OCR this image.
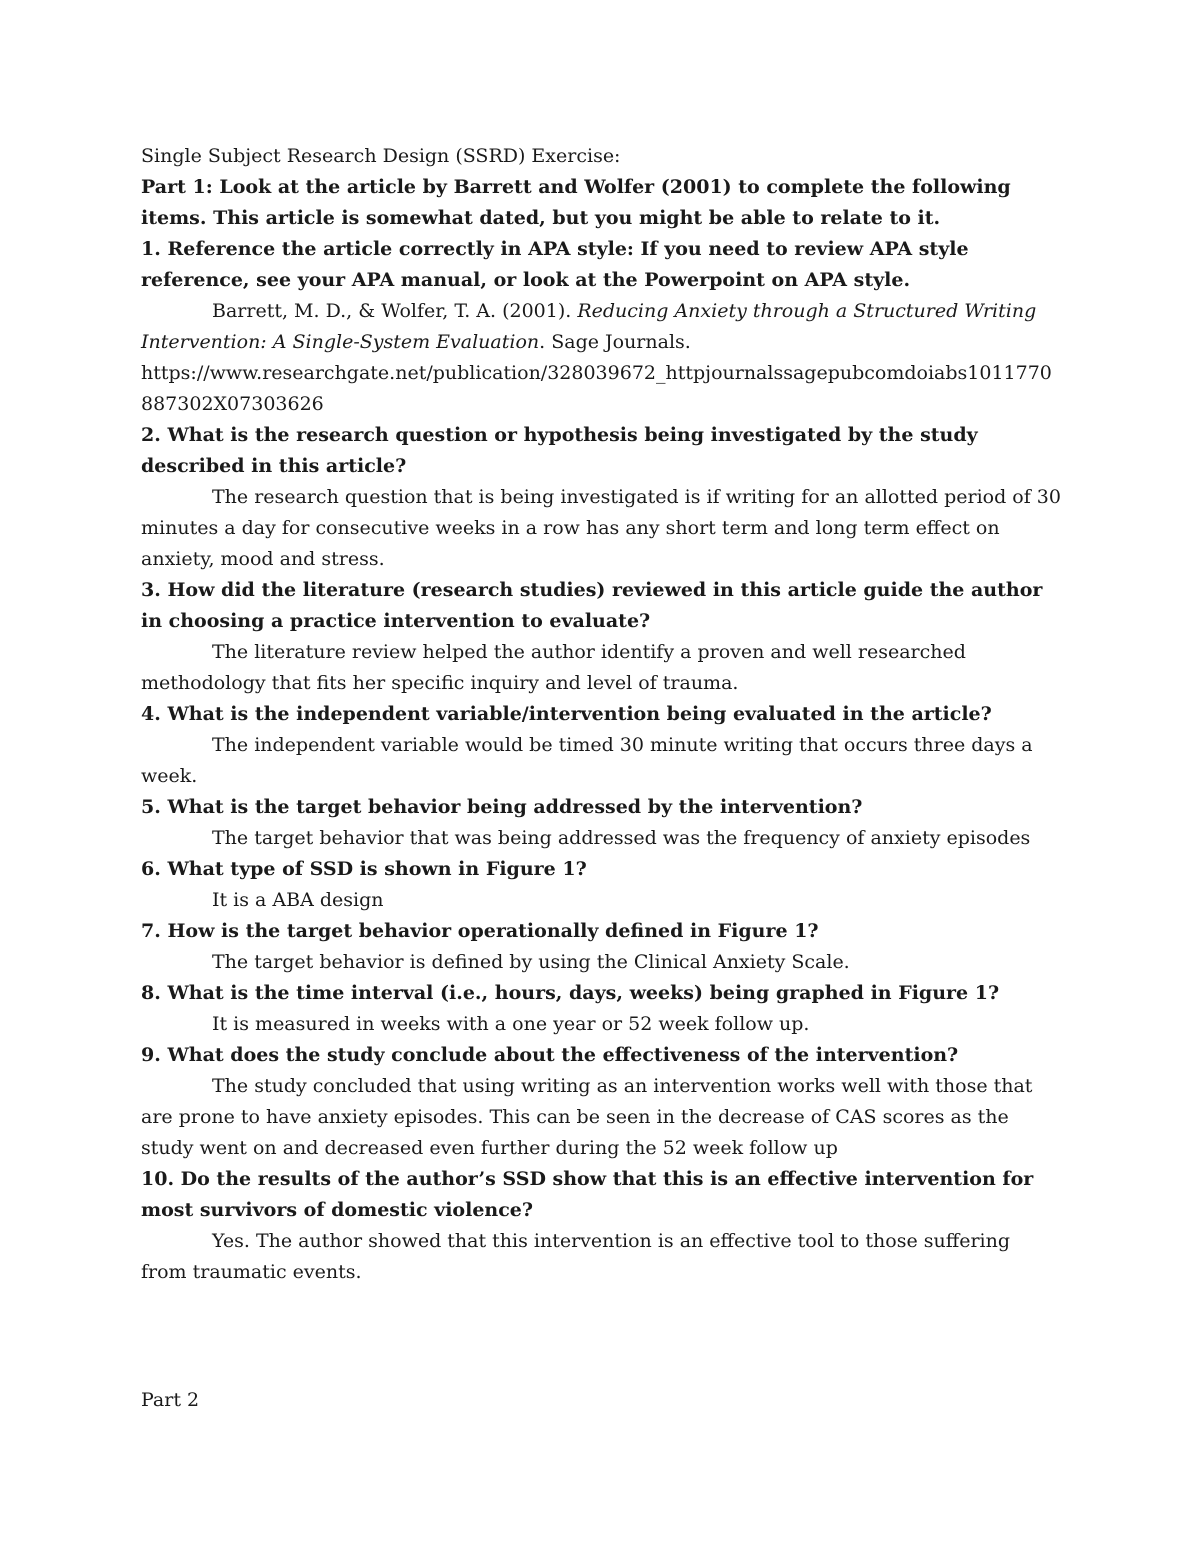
Single Subject Research Design (SSRD) Exercise:

Part 1: Look at the article by Barrett and Wolfer (2001) to complete the following items. This article is somewhat dated, but you might be able to relate to it.

1. Reference the article correctly in APA style: If you need to review APA style reference, see your APA manual, or look at the Powerpoint on APA style.

Barrett, M. D., & Wolfer, T. A. (2001). Reducing Anxiety through a Structured Writing Intervention: A Single-System Evaluation. Sage Journals.

https://www.researchgate.net/publication/328039672_httpjournalssagepubcomdoiabs1011770887302X07303626

2. What is the research question or hypothesis being investigated by the study described in this article?

The research question that is being investigated is if writing for an allotted period of 30 minutes a day for consecutive weeks in a row has any short term and long term effect on anxiety, mood and stress.

3. How did the literature (research studies) reviewed in this article guide the author in choosing a practice intervention to evaluate?

The literature review helped the author identify a proven and well researched methodology that fits her specific inquiry and level of trauma.

4. What is the independent variable/intervention being evaluated in the article?

The independent variable would be timed 30 minute writing that occurs three days a week.

5. What is the target behavior being addressed by the intervention?

The target behavior that was being addressed was the frequency of anxiety episodes

6. What type of SSD is shown in Figure 1?

It is a ABA design

7. How is the target behavior operationally defined in Figure 1?

The target behavior is defined by using the Clinical Anxiety Scale.

8. What is the time interval (i.e., hours, days, weeks) being graphed in Figure 1?

It is measured in weeks with a one year or 52 week follow up.

9. What does the study conclude about the effectiveness of the intervention?

The study concluded that using writing as an intervention works well with those that are prone to have anxiety episodes. This can be seen in the decrease of CAS scores as the study went on and decreased even further during the 52 week follow up

10. Do the results of the author’s SSD show that this is an effective intervention for most survivors of domestic violence?

Yes. The author showed that this intervention is an effective tool to those suffering from traumatic events.

Part 2
